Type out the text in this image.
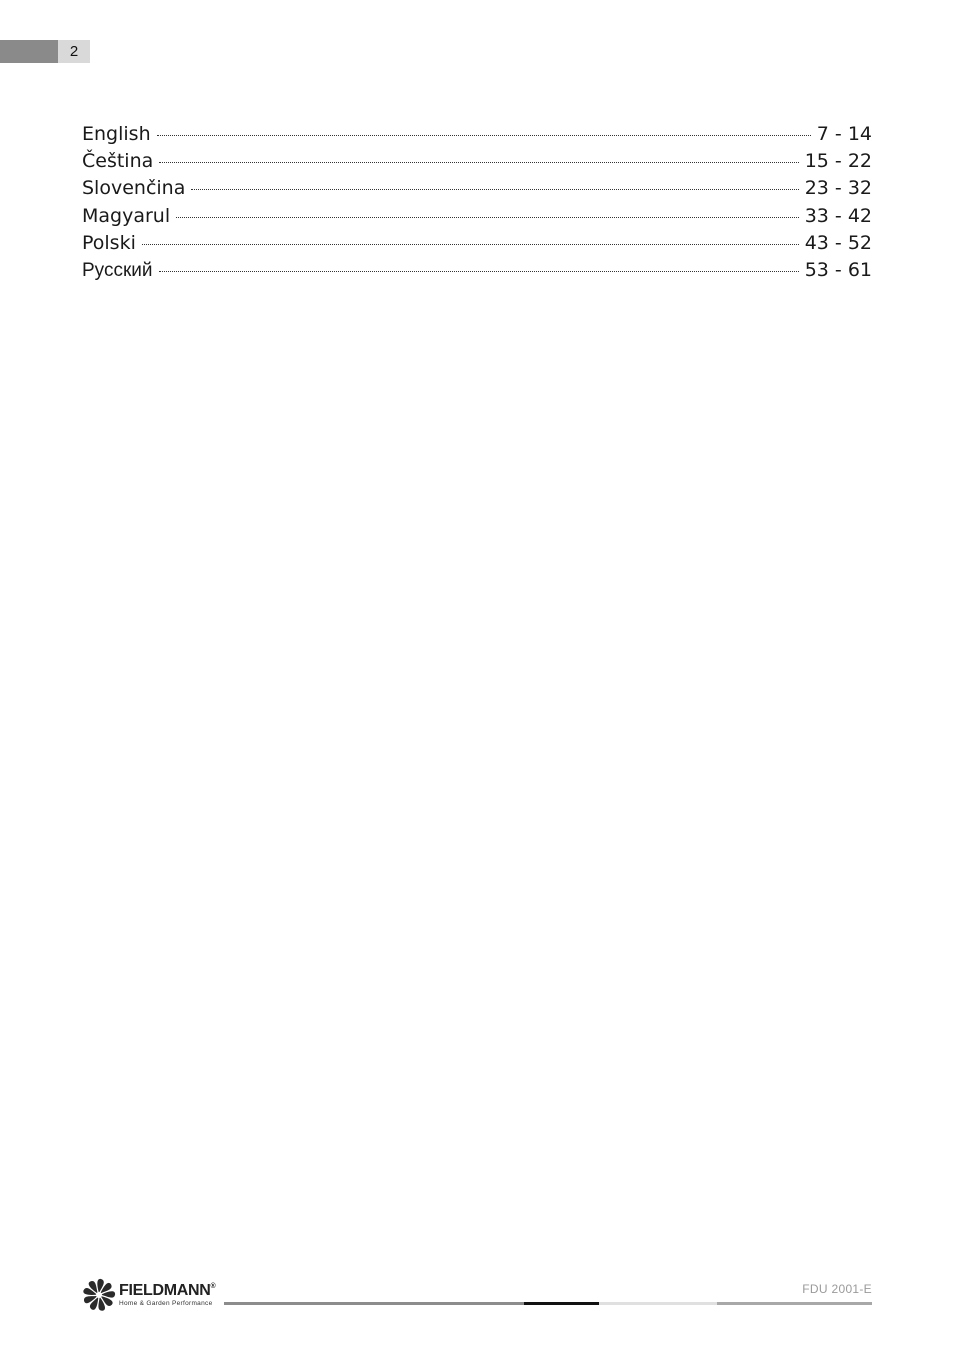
2
English	7 - 14
Čeština	15 - 22
Slovenčina	23 - 32
Magyarul	33 - 42
Polski	43 - 52
Русский	53 - 61
FIELDMANN®
Home & Garden Performance
FDU 2001-E
